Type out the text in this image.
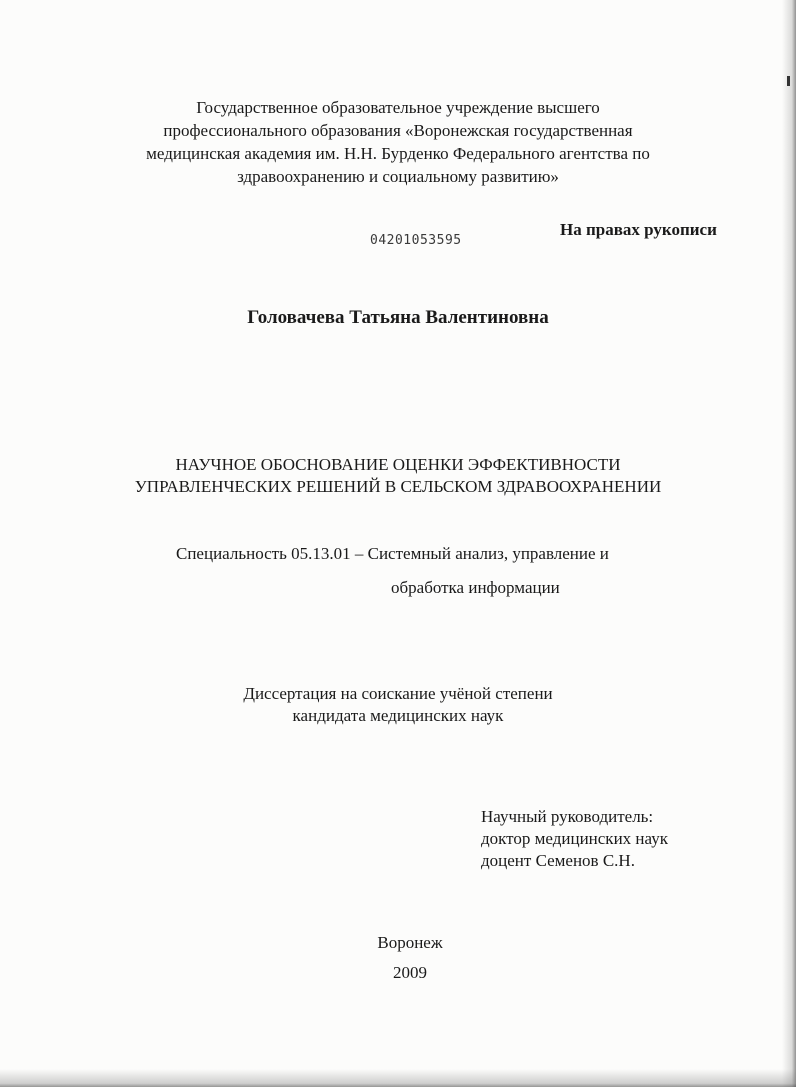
Государственное образовательное учреждение высшего
профессионального образования «Воронежская государственная
медицинская академия им. Н.Н. Бурденко Федерального агентства по
здравоохранению и социальному развитию»
04201053595
На правах рукописи
Головачева Татьяна Валентиновна
НАУЧНОЕ ОБОСНОВАНИЕ ОЦЕНКИ ЭФФЕКТИВНОСТИ
УПРАВЛЕНЧЕСКИХ РЕШЕНИЙ В СЕЛЬСКОМ ЗДРАВООХРАНЕНИИ
Специальность 05.13.01 – Системный анализ, управление и
обработка информации
Диссертация на соискание учёной степени
кандидата медицинских наук
Научный руководитель:
доктор медицинских наук
доцент Семенов С.Н.
Воронеж
2009
